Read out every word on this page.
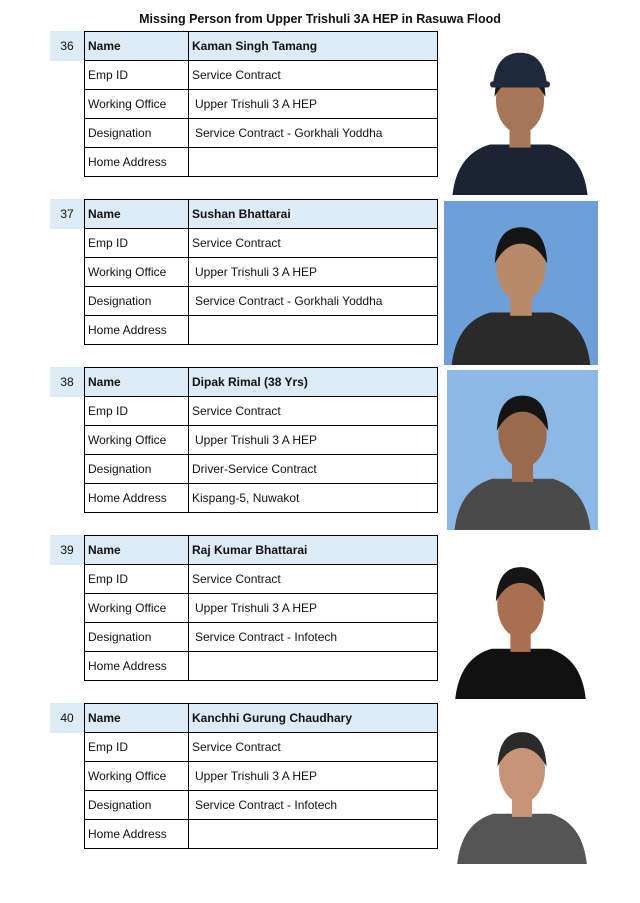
Missing Person from Upper Trishuli 3A HEP in Rasuwa Flood
36	Name	Kaman Singh Tamang
Emp ID	Service Contract
Working Office	Upper Trishuli 3 A HEP
Designation	Service Contract - Gorkhali Yoddha
Home Address	
37	Name	Sushan Bhattarai
Emp ID	Service Contract
Working Office	Upper Trishuli 3 A HEP
Designation	Service Contract - Gorkhali Yoddha
Home Address	
38	Name	Dipak Rimal (38 Yrs)
Emp ID	Service Contract
Working Office	Upper Trishuli 3 A HEP
Designation	Driver-Service Contract
Home Address	Kispang-5, Nuwakot
39	Name	Raj Kumar Bhattarai
Emp ID	Service Contract
Working Office	Upper Trishuli 3 A HEP
Designation	Service Contract - Infotech
Home Address	
40	Name	Kanchhi Gurung Chaudhary
Emp ID	Service Contract
Working Office	Upper Trishuli 3 A HEP
Designation	Service Contract - Infotech
Home Address	
